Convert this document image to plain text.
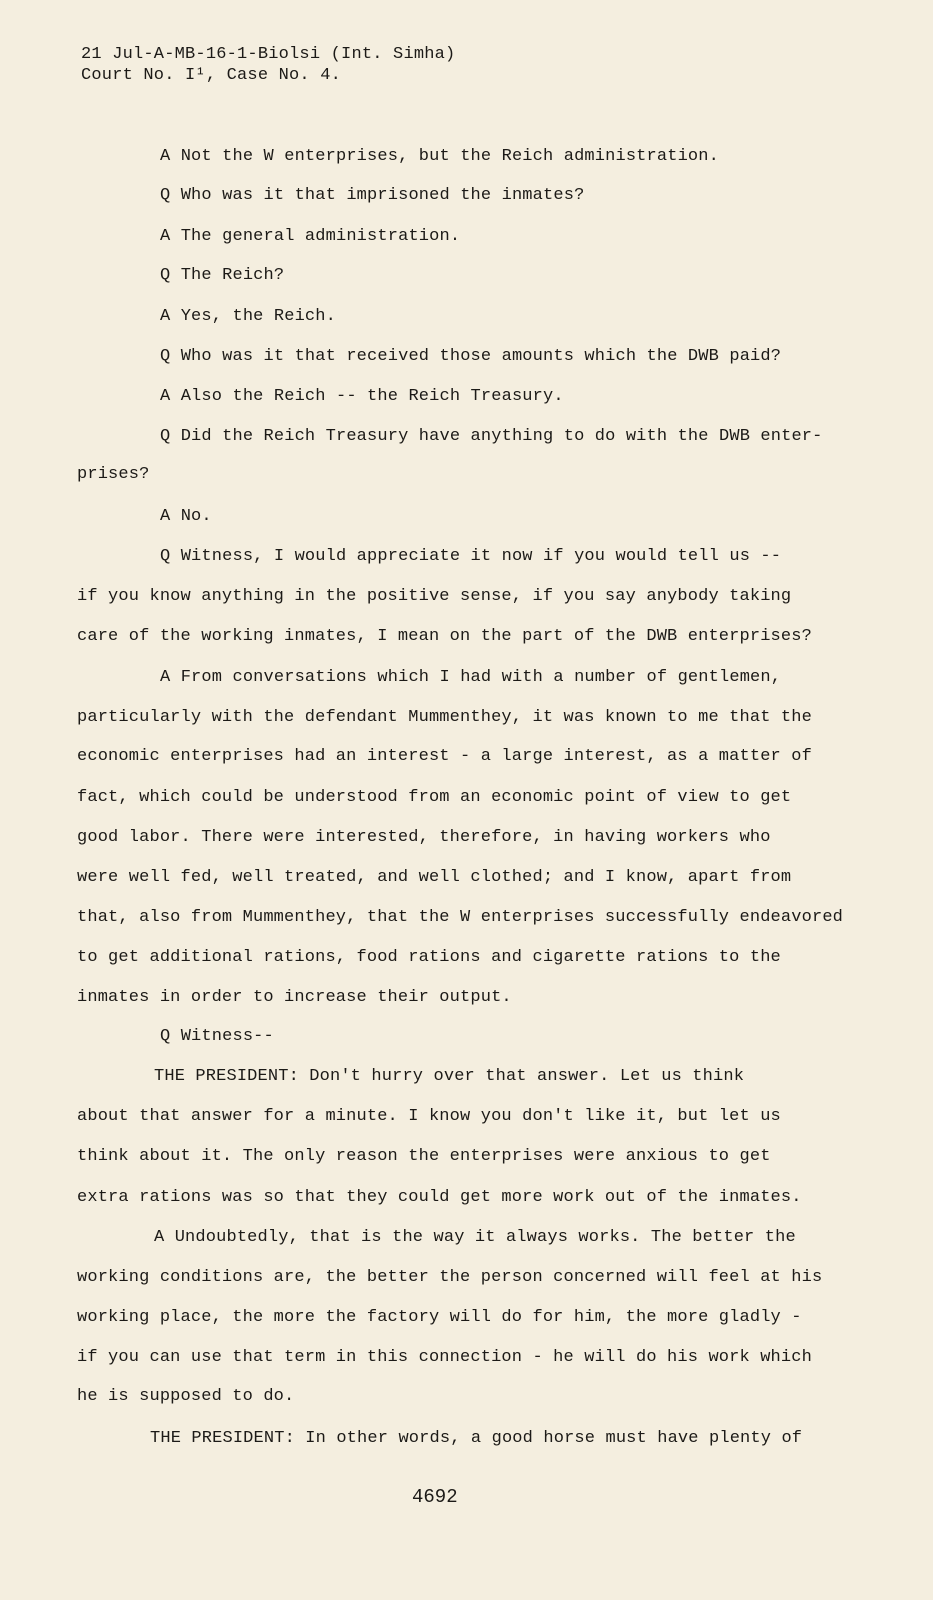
21 Jul-A-MB-16-1-Biolsi (Int. Simha)
Court No. I¹, Case No. 4.
A Not the W enterprises, but the Reich administration.
Q Who was it that imprisoned the inmates?
A The general administration.
Q The Reich?
A Yes, the Reich.
Q Who was it that received those amounts which the DWB paid?
A Also the Reich -- the Reich Treasury.
Q Did the Reich Treasury have anything to do with the DWB enter-
prises?
A No.
Q Witness, I would appreciate it now if you would tell us --
if you know anything in the positive sense, if you say anybody taking
care of the working inmates, I mean on the part of the DWB enterprises?
A From conversations which I had with a number of gentlemen,
particularly with the defendant Mummenthey, it was known to me that the
economic enterprises had an interest - a large interest, as a matter of
fact, which could be understood from an economic point of view to get
good labor. There were interested, therefore, in having workers who
were well fed, well treated, and well clothed; and I know, apart from
that, also from Mummenthey, that the W enterprises successfully endeavored
to get additional rations, food rations and cigarette rations to the
inmates in order to increase their output.
Q Witness--
THE PRESIDENT: Don't hurry over that answer. Let us think
about that answer for a minute. I know you don't like it, but let us
think about it. The only reason the enterprises were anxious to get
extra rations was so that they could get more work out of the inmates.
A Undoubtedly, that is the way it always works. The better the
working conditions are, the better the person concerned will feel at his
working place, the more the factory will do for him, the more gladly -
if you can use that term in this connection - he will do his work which
he is supposed to do.
THE PRESIDENT: In other words, a good horse must have plenty of
4692
